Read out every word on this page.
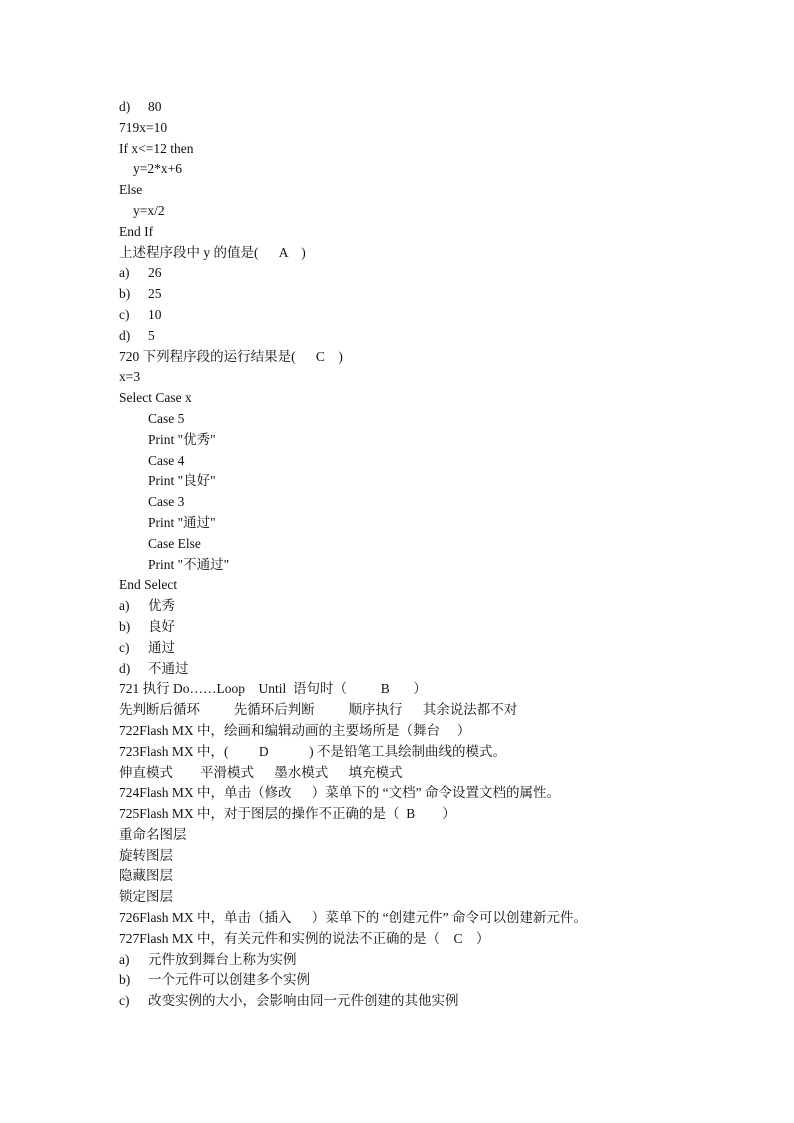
d) 80
719x=10
If x<=12 then
y=2*x+6
Else
y=x/2
End If
上述程序段中 y 的值是(      A    )
a) 26
b) 25
c) 10
d) 5
720 下列程序段的运行结果是(      C    )
x=3
Select Case x
Case 5
Print "优秀"
Case 4
Print "良好"
Case 3
Print "通过"
Case Else
Print "不通过"
End Select
a) 优秀
b) 良好
c) 通过
d) 不通过
721 执行 Do……Loop    Until  语句时（          B       ）
先判断后循环          先循环后判断          顺序执行      其余说法都不对
722Flash MX 中，绘画和编辑动画的主要场所是（舞台     ）
723Flash MX 中，(         D            ) 不是铅笔工具绘制曲线的模式。
伸直模式        平滑模式      墨水模式      填充模式
724Flash MX 中，单击（修改      ）菜单下的 “文档” 命令设置文档的属性。
725Flash MX 中，对于图层的操作不正确的是（  B        ）
重命名图层
旋转图层
隐藏图层
锁定图层
726Flash MX 中，单击（插入      ）菜单下的 “创建元件” 命令可以创建新元件。
727Flash MX 中，有关元件和实例的说法不正确的是（    C    ）
a) 元件放到舞台上称为实例
b) 一个元件可以创建多个实例
c) 改变实例的大小，会影响由同一元件创建的其他实例
